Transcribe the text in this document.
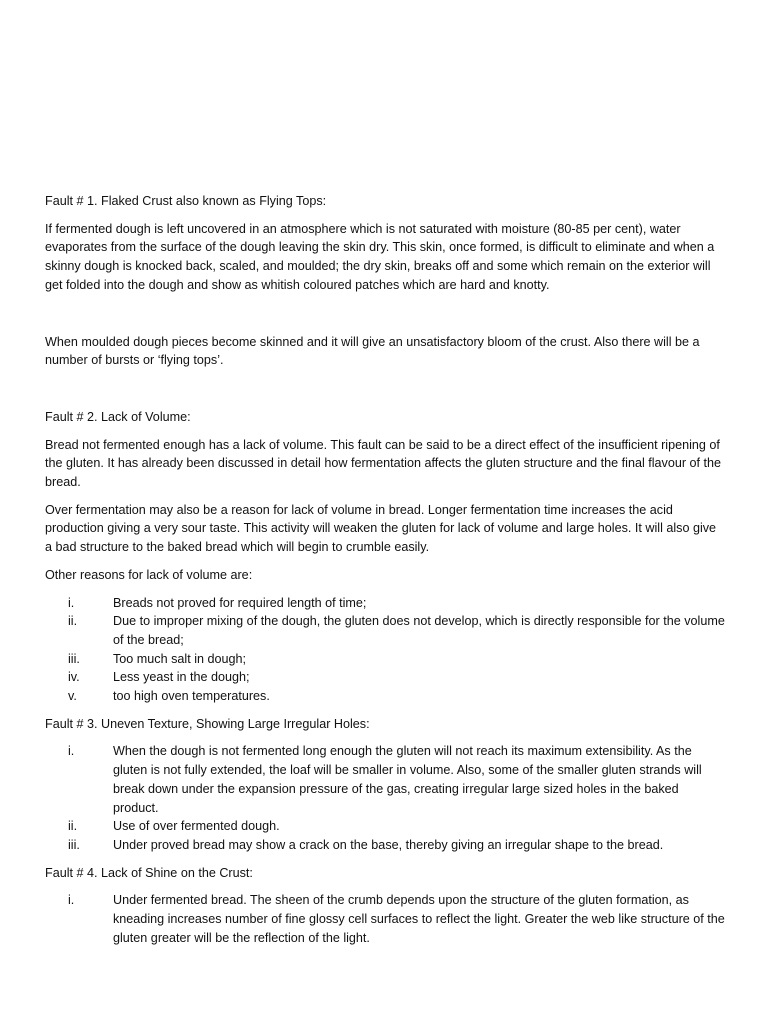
Fault # 1. Flaked Crust also known as Flying Tops:

If fermented dough is left uncovered in an atmosphere which is not saturated with moisture (80-85 per cent), water evaporates from the surface of the dough leaving the skin dry. This skin, once formed, is difficult to eliminate and when a skinny dough is knocked back, scaled, and moulded; the dry skin, breaks off and some which remain on the exterior will get folded into the dough and show as whitish coloured patches which are hard and knotty.

When moulded dough pieces become skinned and it will give an unsatisfactory bloom of the crust. Also there will be a number of bursts or ‘flying tops’.

Fault # 2. Lack of Volume:

Bread not fermented enough has a lack of volume. This fault can be said to be a direct effect of the insufficient ripening of the gluten. It has already been discussed in detail how fermentation affects the gluten structure and the final flavour of the bread.

Over fermentation may also be a reason for lack of volume in bread. Longer fermentation time increases the acid production giving a very sour taste. This activity will weaken the gluten for lack of volume and large holes. It will also give a bad structure to the baked bread which will begin to crumble easily.

Other reasons for lack of volume are:

i.	Breads not proved for required length of time;
ii.	Due to improper mixing of the dough, the gluten does not develop, which is directly responsible for the volume of the bread;
iii.	Too much salt in dough;
iv.	Less yeast in the dough;
v.	too high oven temperatures.

Fault # 3. Uneven Texture, Showing Large Irregular Holes:

i.	When the dough is not fermented long enough the gluten will not reach its maximum extensibility. As the gluten is not fully extended, the loaf will be smaller in volume. Also, some of the smaller gluten strands will break down under the expansion pressure of the gas, creating irregular large sized holes in the baked product.
ii.	Use of over fermented dough.
iii.	Under proved bread may show a crack on the base, thereby giving an irregular shape to the bread.

Fault # 4. Lack of Shine on the Crust:

i.	Under fermented bread. The sheen of the crumb depends upon the structure of the gluten formation, as kneading increases number of fine glossy cell surfaces to reflect the light. Greater the web like structure of the gluten greater will be the reflection of the light.
